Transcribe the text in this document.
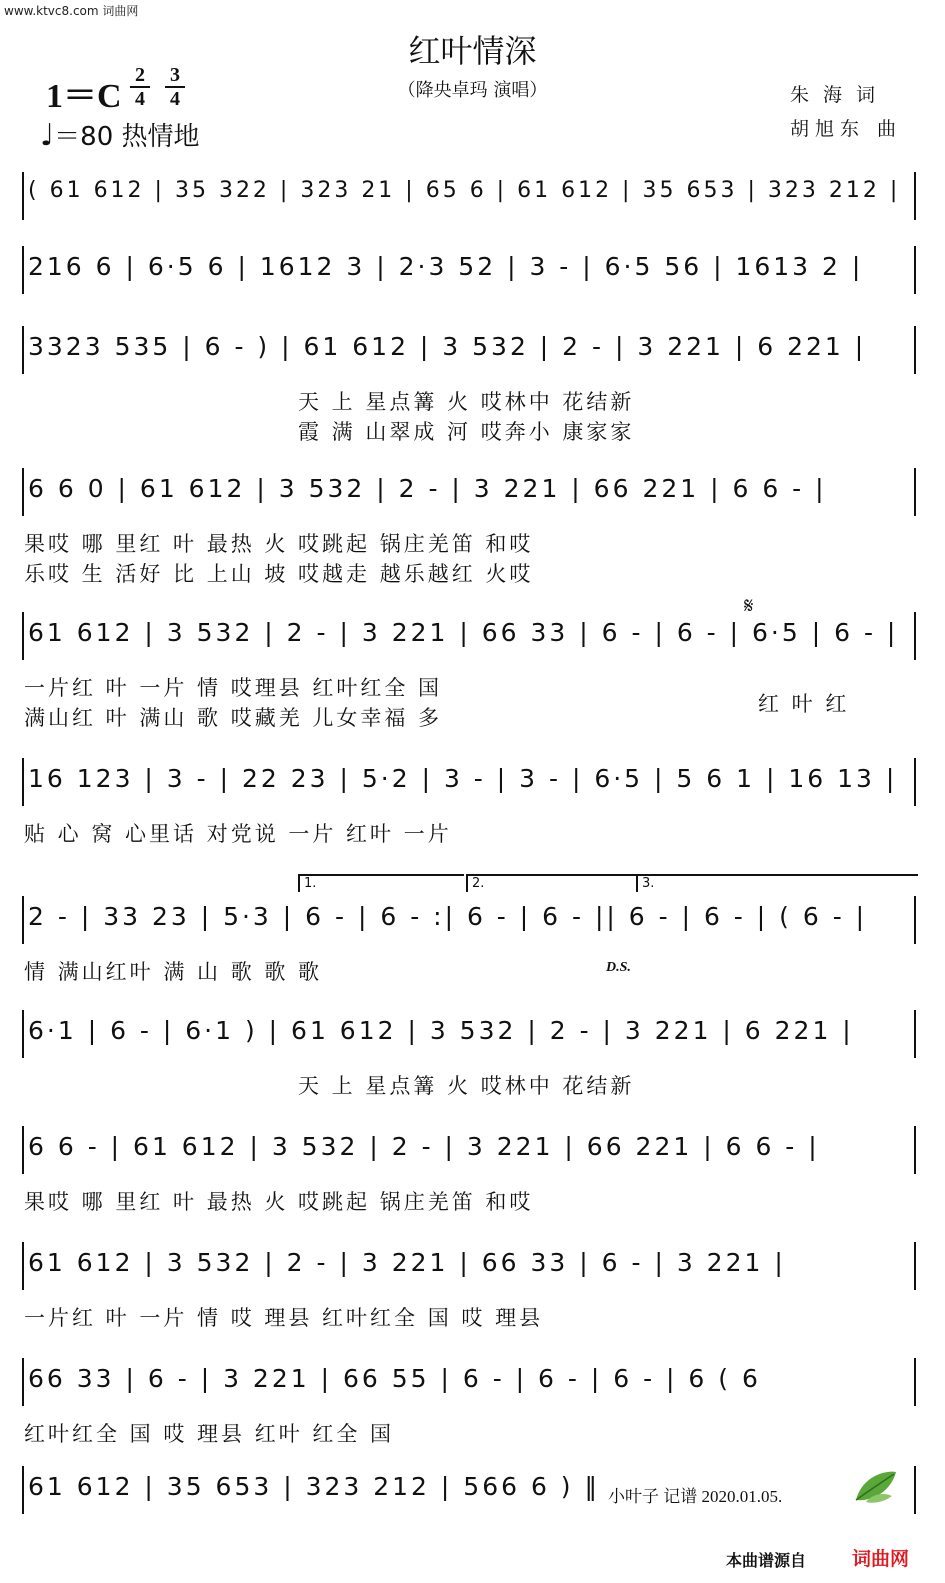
www.ktvc8.com 词曲网
红叶情深
（降央卓玛 演唱）
$1=C \frac{2}{4} \frac{3}{4}$
♩＝80 热情地
朱海词
胡旭东 曲
( 61 612 | 35 322 | 323 21 | 65 6 | 61 612 | 35 653 | 323 212 |
216 6 | 6·5 6 | 1612 3 | 2·3 52 | 3 - | 6·5 56 | 1613 2 |
3323 535 | 6 - ) | 61 612 | 3 532 | 2 - | 3 221 | 6 221 |
天 上 星点篝 火 哎林中 花结新
霞 满 山翠成 河 哎奔小 康家家
6 6 0 | 61 612 | 3 532 | 2 - | 3 221 | 66 221 | 6 6 - |
果哎 哪 里红 叶 最热 火 哎跳起 锅庄羌笛 和哎
乐哎 生 活好 比 上山 坡 哎越走 越乐越红 火哎
61 612 | 3 532 | 2 - | 3 221 | 66 33 | 6 - | 6 - | 6·5 | 6 - |
一片红 叶 一片 情 哎理县 红叶红全 国
满山红 叶 满山 歌 哎藏羌 儿女幸福 多
红 叶 红
16 123 | 3 - | 22 23 | 5·2 | 3 - | 3 - | 6·5 | 5 6 1 | 16 13 |
贴 心 窝 心里话 对党说 一片 红叶 一片
2 - | 33 23 | 5·3 | 6 - | 6 - :| 6 - | 6 - || 6 - | 6 - | ( 6 - |
情 满山红叶 满 山 歌 歌 歌
6·1 | 6 - | 6·1 ) | 61 612 | 3 532 | 2 - | 3 221 | 6 221 |
天 上 星点篝 火 哎林中 花结新
6 6 - | 61 612 | 3 532 | 2 - | 3 221 | 66 221 | 6 6 - |
果哎 哪 里红 叶 最热 火 哎跳起 锅庄羌笛 和哎
61 612 | 3 532 | 2 - | 3 221 | 66 33 | 6 - | 3 221 |
一片红 叶 一片 情 哎 理县 红叶红全 国 哎 理县
66 33 | 6 - | 3 221 | 66 55 | 6 - | 6 - | 6 - | 6 ( 6
红叶红全 国 哎 理县 红叶 红全 国
61 612 | 35 653 | 323 212 | 566 6 ) ‖
1.	2.	3.
𝄋
D.S.
小叶子 记谱 2020.01.05.
本曲谱源自 词曲网
